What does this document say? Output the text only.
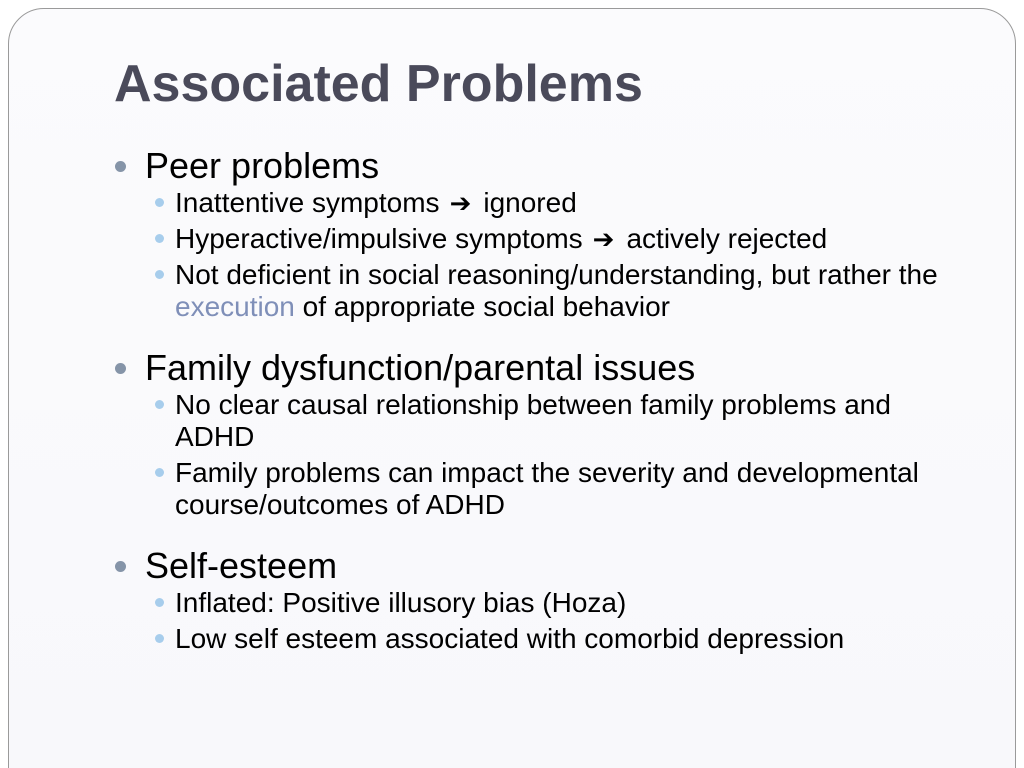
Associated Problems

Peer problems

Inattentive symptoms ➔ ignored

Hyperactive/impulsive symptoms ➔ actively rejected

Not deficient in social reasoning/understanding, but rather the execution of appropriate social behavior

Family dysfunction/parental issues

No clear causal relationship between family problems and ADHD

Family problems can impact the severity and developmental course/outcomes of ADHD

Self-esteem

Inflated: Positive illusory bias (Hoza)

Low self esteem associated with comorbid depression
